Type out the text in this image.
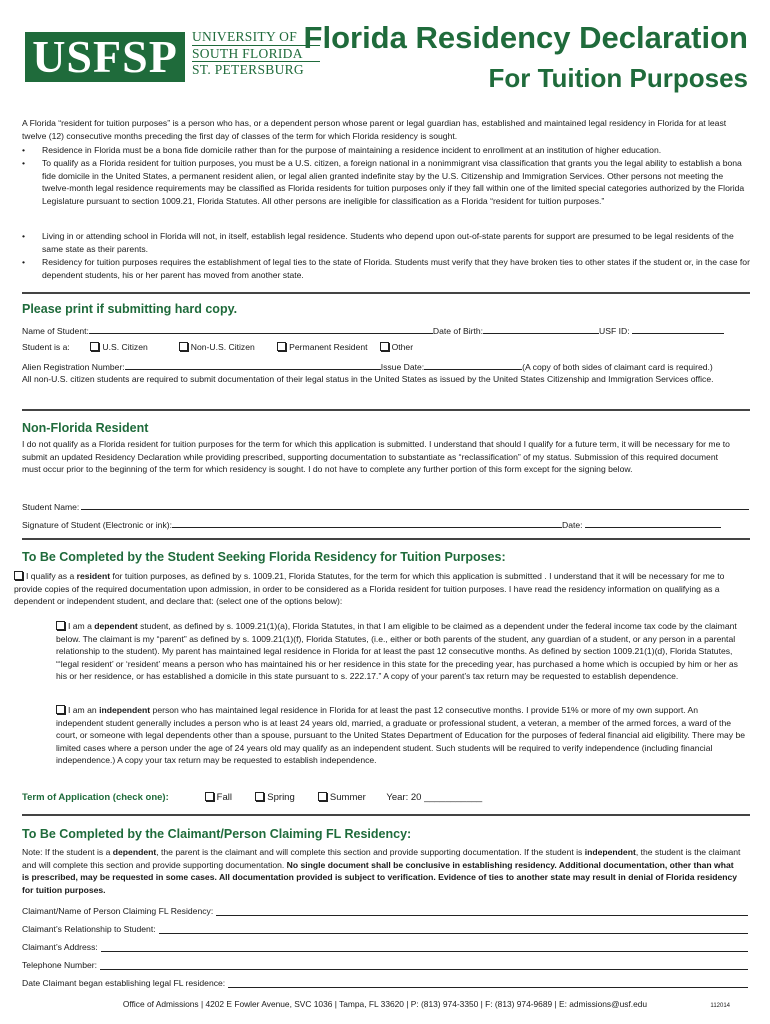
USFSP	UNIVERSITY OF
SOUTH FLORIDA
ST. PETERSBURG
Florida Residency Declaration
For Tuition Purposes
A Florida “resident for tuition purposes” is a person who has, or a dependent person whose parent or legal guardian has, established and maintained legal residency in Florida for at least twelve (12) consecutive months preceding the first day of classes of the term for which Florida residency is sought.
• Residence in Florida must be a bona fide domicile rather than for the purpose of maintaining a residence incident to enrollment at an institution of higher education.
• To qualify as a Florida resident for tuition purposes, you must be a U.S. citizen, a foreign national in a nonimmigrant visa classification that grants you the legal ability to establish a bona fide domicile in the United States, a permanent resident alien, or legal alien granted indefinite stay by the U.S. Citizenship and Immigration Services. Other persons not meeting the twelve-month legal residence requirements may be classified as Florida residents for tuition purposes only if they fall within one of the limited special categories authorized by the Florida Legislature pursuant to section 1009.21, Florida Statutes. All other persons are ineligible for classification as a Florida “resident for tuition purposes.”
• Living in or attending school in Florida will not, in itself, establish legal residence. Students who depend upon out-of-state parents for support are presumed to be legal residents of the same state as their parents.
• Residency for tuition purposes requires the establishment of legal ties to the state of Florida. Students must verify that they have broken ties to other states if the student or, in the case for dependent students, his or her parent has moved from another state.
Please print if submitting hard copy.
Name of Student:	Date of Birth:	USF ID:
Student is a:	U.S. Citizen	Non-U.S. Citizen	Permanent Resident	Other
Alien Registration Number:	Issue Date:	(A copy of both sides of claimant card is required.)
All non-U.S. citizen students are required to submit documentation of their legal status in the United States as issued by the United States Citizenship and Immigration Services office.
Non-Florida Resident
I do not qualify as a Florida resident for tuition purposes for the term for which this application is submitted. I understand that should I qualify for a future term, it will be necessary for me to submit an updated Residency Declaration while providing prescribed, supporting documentation to substantiate as “reclassification” of my status. Submission of this required document must occur prior to the beginning of the term for which residency is sought. I do not have to complete any further portion of this form except for the signing below.
Student Name:
Signature of Student (Electronic or ink):	Date:
To Be Completed by the Student Seeking Florida Residency for Tuition Purposes:
I qualify as a resident for tuition purposes, as defined by s. 1009.21, Florida Statutes, for the term for which this application is submitted . I understand that it will be necessary for me to provide copies of the required documentation upon admission, in order to be considered as a Florida resident for tuition purposes. I have read the residency information on qualifying as a dependent or independent student, and declare that: (select one of the options below):
I am a dependent student, as defined by s. 1009.21(1)(a), Florida Statutes, in that I am eligible to be claimed as a dependent under the federal income tax code by the claimant below. The claimant is my “parent” as defined by s. 1009.21(1)(f), Florida Statutes, (i.e., either or both parents of the student, any guardian of a student, or any person in a parental relationship to the student). My parent has maintained legal residence in Florida for at least the past 12 consecutive months. As defined by section 1009.21(1)(d), Florida Statutes, “‘legal resident’ or ‘resident’ means a person who has maintained his or her residence in this state for the preceding year, has purchased a home which is occupied by him or her as his or her residence, or has established a domicile in this state pursuant to s. 222.17.” A copy of your parent’s tax return may be requested to establish dependence.
I am an independent person who has maintained legal residence in Florida for at least the past 12 consecutive months. I provide 51% or more of my own support. An independent student generally includes a person who is at least 24 years old, married, a graduate or professional student, a veteran, a member of the armed forces, a ward of the court, or someone with legal dependents other than a spouse, pursuant to the United States Department of Education for the purposes of federal financial aid eligibility. There may be limited cases where a person under the age of 24 years old may qualify as an independent student. Such students will be required to verify independence (including financial independence.) A copy your tax return may be requested to establish independence.
Term of Application (check one):	Fall	Spring	Summer Year: 20 ___________
To Be Completed by the Claimant/Person Claiming FL Residency:
Note: If the student is a dependent, the parent is the claimant and will complete this section and provide supporting documentation. If the student is independent, the student is the claimant and will complete this section and provide supporting documentation. No single document shall be conclusive in establishing residency. Additional documentation, other than what is prescribed, may be requested in some cases. All documentation provided is subject to verification. Evidence of ties to another state may result in denial of Florida residency for tuition purposes.
Claimant/Name of Person Claiming FL Residency:
Claimant’s Relationship to Student:
Claimant’s Address:
Telephone Number:
Date Claimant began establishing legal FL residence:
Office of Admissions | 4202 E Fowler Avenue, SVC 1036 | Tampa, FL 33620 | P: (813) 974-3350 | F: (813) 974-9689 | E: admissions@usf.edu	112014
